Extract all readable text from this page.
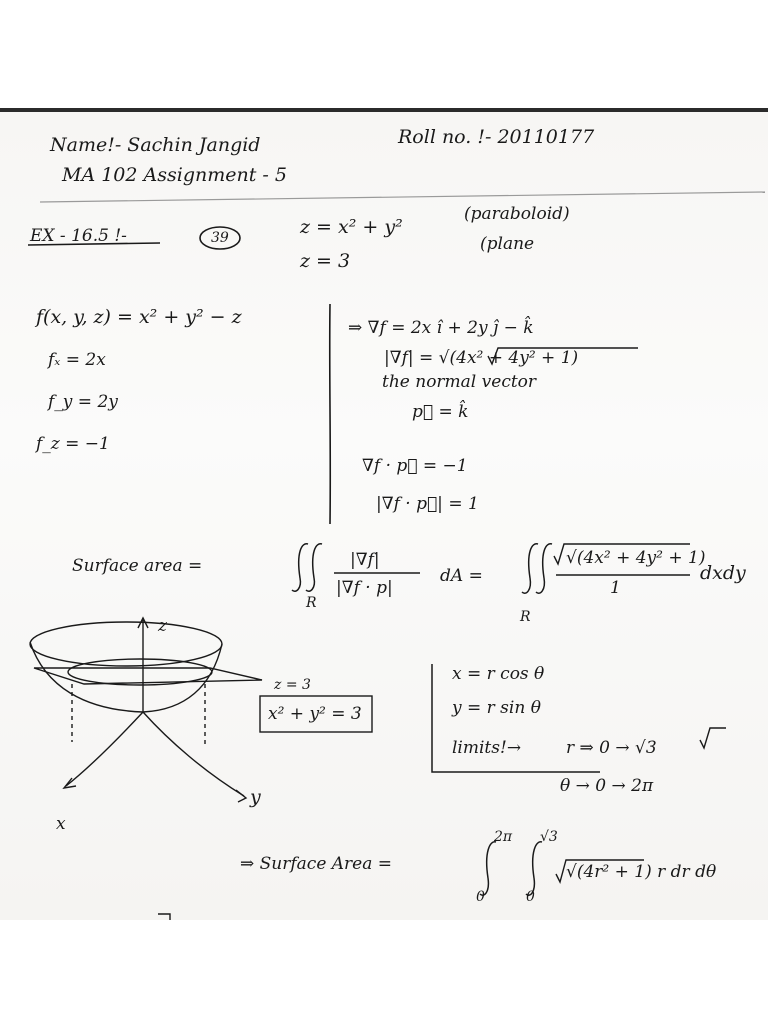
Name!- Sachin Jangid	Roll no. !- 20110177
MA 102 Assignment - 5
EX - 16.5 !-	39	z = x² + y²
(paraboloid)
z = 3
(plane
f(x, y, z) = x² + y² − z
fₓ = 2x
f_y = 2y
f_z = −1
⇒ ∇f = 2x î + 2y ĵ − k̂
|∇f| = √(4x² + 4y² + 1)
the normal vector
p⃗ = k̂
∇f · p⃗ = −1
|∇f · p⃗| = 1
Surface area =	|∇f|
|∇f · p|
dA =
R
R
√(4x² + 4y² + 1)
1
dxdy
z
y
x
z = 3
x² + y² = 3
x = r cos θ
y = r sin θ
limits!→	r ⇒ 0 → √3
θ → 0 → 2π
⇒ Surface Area =
2π
0
√3
0
√(4r² + 1) r dr dθ
